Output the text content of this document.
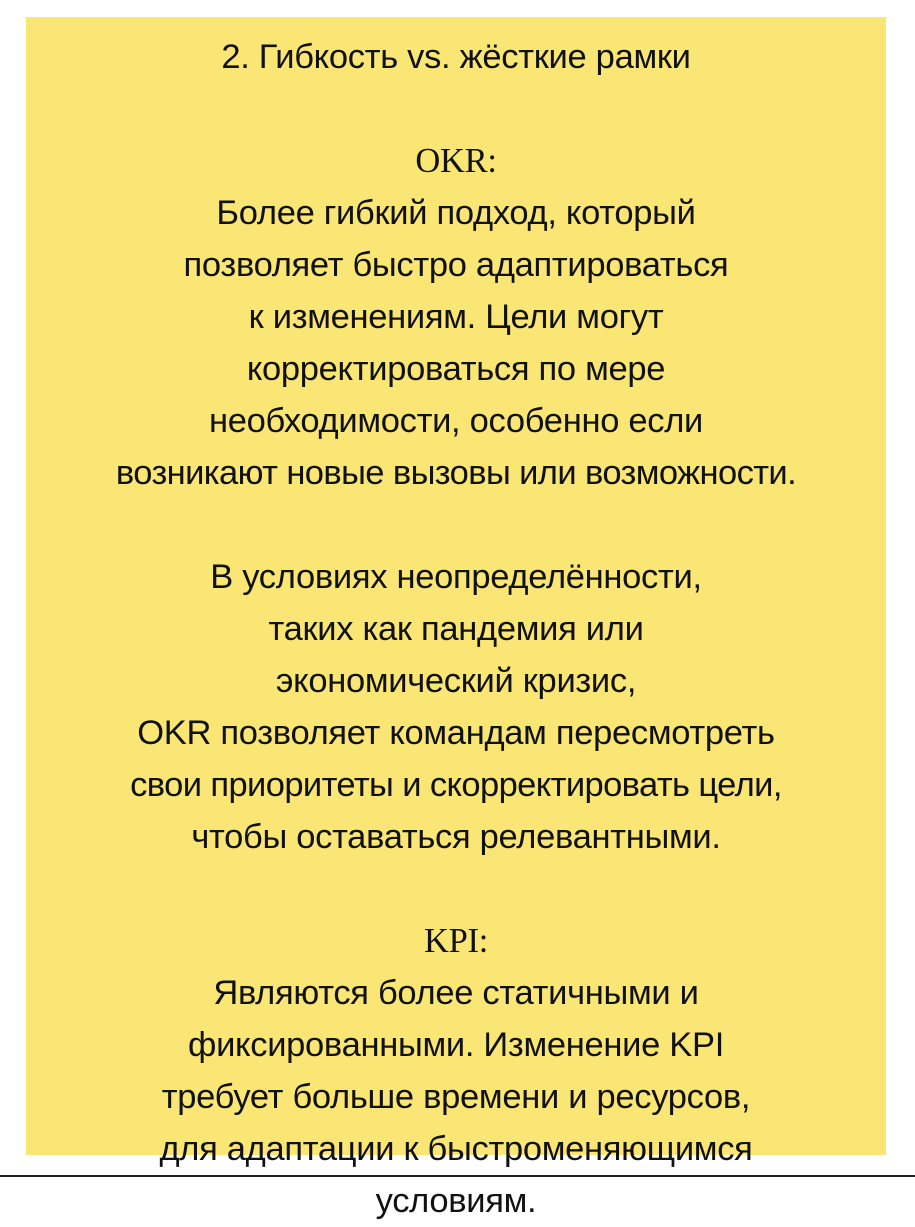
2. Гибкость vs. жёсткие рамки
OKR:
Более гибкий подход, который
позволяет быстро адаптироваться
к изменениям. Цели могут
корректироваться по мере
необходимости, особенно если
возникают новые вызовы или возможности.
В условиях неопределённости,
таких как пандемия или
экономический кризис,
OKR позволяет командам пересмотреть
свои приоритеты и скорректировать цели,
чтобы оставаться релевантными.
KPI:
Являются более статичными и
фиксированными. Изменение KPI
требует больше времени и ресурсов,
для адаптации к быстроменяющимся
условиям.
